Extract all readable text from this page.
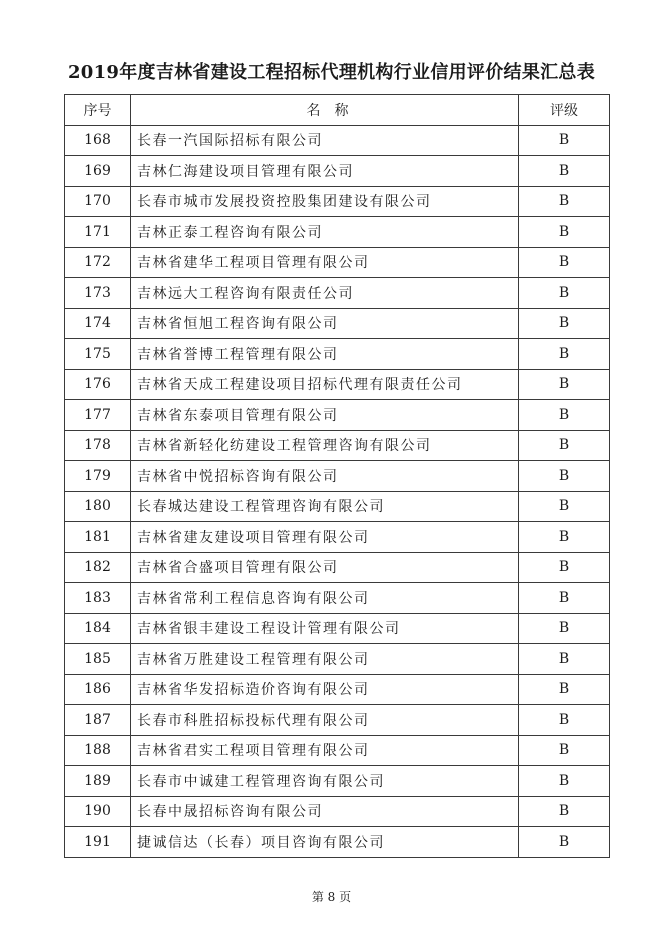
2019年度吉林省建设工程招标代理机构行业信用评价结果汇总表
序号	名　称	评级
168	长春一汽国际招标有限公司	B
169	吉林仁海建设项目管理有限公司	B
170	长春市城市发展投资控股集团建设有限公司	B
171	吉林正泰工程咨询有限公司	B
172	吉林省建华工程项目管理有限公司	B
173	吉林远大工程咨询有限责任公司	B
174	吉林省恒旭工程咨询有限公司	B
175	吉林省誉博工程管理有限公司	B
176	吉林省天成工程建设项目招标代理有限责任公司	B
177	吉林省东泰项目管理有限公司	B
178	吉林省新轻化纺建设工程管理咨询有限公司	B
179	吉林省中悦招标咨询有限公司	B
180	长春城达建设工程管理咨询有限公司	B
181	吉林省建友建设项目管理有限公司	B
182	吉林省合盛项目管理有限公司	B
183	吉林省常利工程信息咨询有限公司	B
184	吉林省银丰建设工程设计管理有限公司	B
185	吉林省万胜建设工程管理有限公司	B
186	吉林省华发招标造价咨询有限公司	B
187	长春市科胜招标投标代理有限公司	B
188	吉林省君实工程项目管理有限公司	B
189	长春市中诚建工程管理咨询有限公司	B
190	长春中晟招标咨询有限公司	B
191	捷诚信达（长春）项目咨询有限公司	B
第 8 页
